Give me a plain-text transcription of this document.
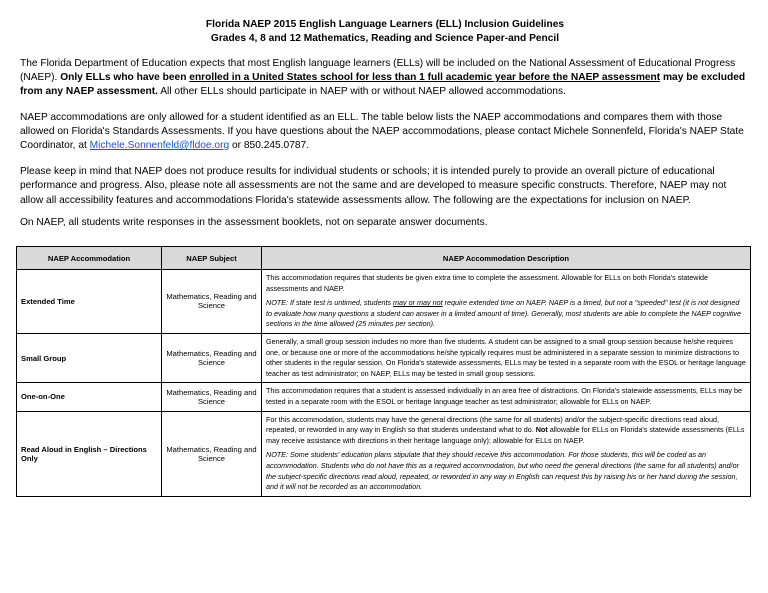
Florida NAEP 2015 English Language Learners (ELL) Inclusion Guidelines
Grades 4, 8 and 12 Mathematics, Reading and Science Paper-and Pencil

The Florida Department of Education expects that most English language learners (ELLs) will be included on the National Assessment of Educational Progress (NAEP). Only ELLs who have been enrolled in a United States school for less than 1 full academic year before the NAEP assessment may be excluded from any NAEP assessment. All other ELLs should participate in NAEP with or without NAEP allowed accommodations.

NAEP accommodations are only allowed for a student identified as an ELL. The table below lists the NAEP accommodations and compares them with those allowed on Florida's Standards Assessments. If you have questions about the NAEP accommodations, please contact Michele Sonnenfeld, Florida's NAEP State Coordinator, at Michele.Sonnenfeld@fldoe.org or 850.245.0787.

Please keep in mind that NAEP does not produce results for individual students or schools; it is intended purely to provide an overall picture of educational performance and progress. Also, please note all assessments are not the same and are developed to measure specific constructs. Therefore, NAEP may not allow all accessibility features and accommodations Florida's statewide assessments allow. The following are the expectations for inclusion on NAEP.

On NAEP, all students write responses in the assessment booklets, not on separate answer documents.

NAEP Accommodation	NAEP Subject	NAEP Accommodation Description
Extended Time	Mathematics, Reading and Science	This accommodation requires that students be given extra time to complete the assessment. Allowable for ELLs on both Florida's statewide assessments and NAEP.

NOTE: If state test is untimed, students may or may not require extended time on NAEP. NAEP is a timed, but not a "speeded" test (it is not designed to evaluate how many questions a student can answer in a limited amount of time). Generally, most students are able to complete the NAEP cognitive sections in the time allowed (25 minutes per section).

Small Group	Mathematics, Reading and Science	Generally, a small group session includes no more than five students. A student can be assigned to a small group session because he/she requires one, or because one or more of the accommodations he/she typically requires must be administered in a separate session to minimize distractions to other students in the regular session. On Florida's statewide assessments, ELLs may be tested in a separate room with the ESOL or heritage language teacher as test administrator; on NAEP, ELLs may be tested in small group sessions.

One-on-One	Mathematics, Reading and Science	This accommodation requires that a student is assessed individually in an area free of distractions. On Florida's statewide assessments, ELLs may be tested in a separate room with the ESOL or heritage language teacher as test administrator; allowable for ELLs on NAEP.

Read Aloud in English – Directions Only	Mathematics, Reading and Science	For this accommodation, students may have the general directions (the same for all students) and/or the subject-specific directions read aloud, repeated, or reworded in any way in English so that students understand what to do. Not allowable for ELLs on Florida's statewide assessments (ELLs may receive assistance with directions in their heritage language only); allowable for ELLs on NAEP.

NOTE: Some students' education plans stipulate that they should receive this accommodation. For those students, this will be coded as an accommodation. Students who do not have this as a required accommodation, but who need the general directions (the same for all students) and/or the subject-specific directions read aloud, repeated, or reworded in any way in English can request this by raising his or her hand during the session, and it will not be recorded as an accommodation.
